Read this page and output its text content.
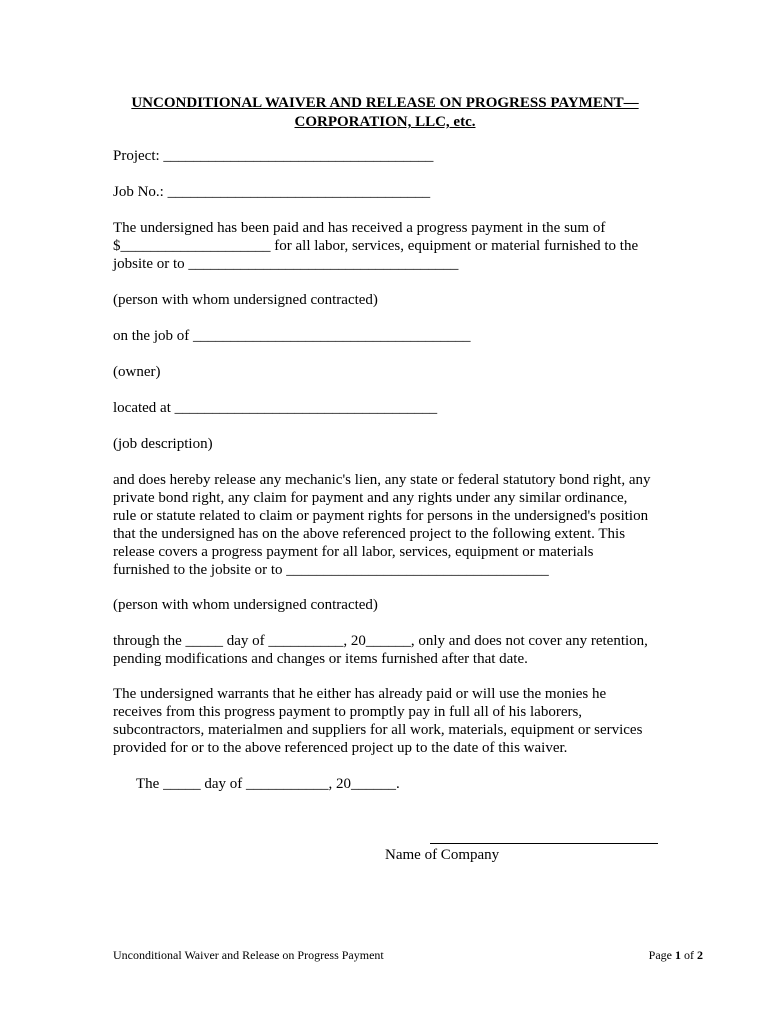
UNCONDITIONAL WAIVER AND RELEASE ON PROGRESS PAYMENT—
CORPORATION, LLC, etc.
Project: ____________________________________
Job No.: ___________________________________
The undersigned has been paid and has received a progress payment in the sum of
$____________________ for all labor, services, equipment or material furnished to the
jobsite or to ____________________________________
(person with whom undersigned contracted)
on the job of _____________________________________
(owner)
located at ___________________________________
(job description)
and does hereby release any mechanic's lien, any state or federal statutory bond right, any
private bond right, any claim for payment and any rights under any similar ordinance,
rule or statute related to claim or payment rights for persons in the undersigned's position
that the undersigned has on the above referenced project to the following extent. This
release covers a progress payment for all labor, services, equipment or materials
furnished to the jobsite or to ___________________________________
(person with whom undersigned contracted)
through the _____ day of __________, 20______, only and does not cover any retention,
pending modifications and changes or items furnished after that date.
The undersigned warrants that he either has already paid or will use the monies he
receives from this progress payment to promptly pay in full all of his laborers,
subcontractors, materialmen and suppliers for all work, materials, equipment or services
provided for or to the above referenced project up to the date of this waiver.
The _____ day of ___________, 20______.
Name of Company
Unconditional Waiver and Release on Progress Payment	Page 1 of 2
